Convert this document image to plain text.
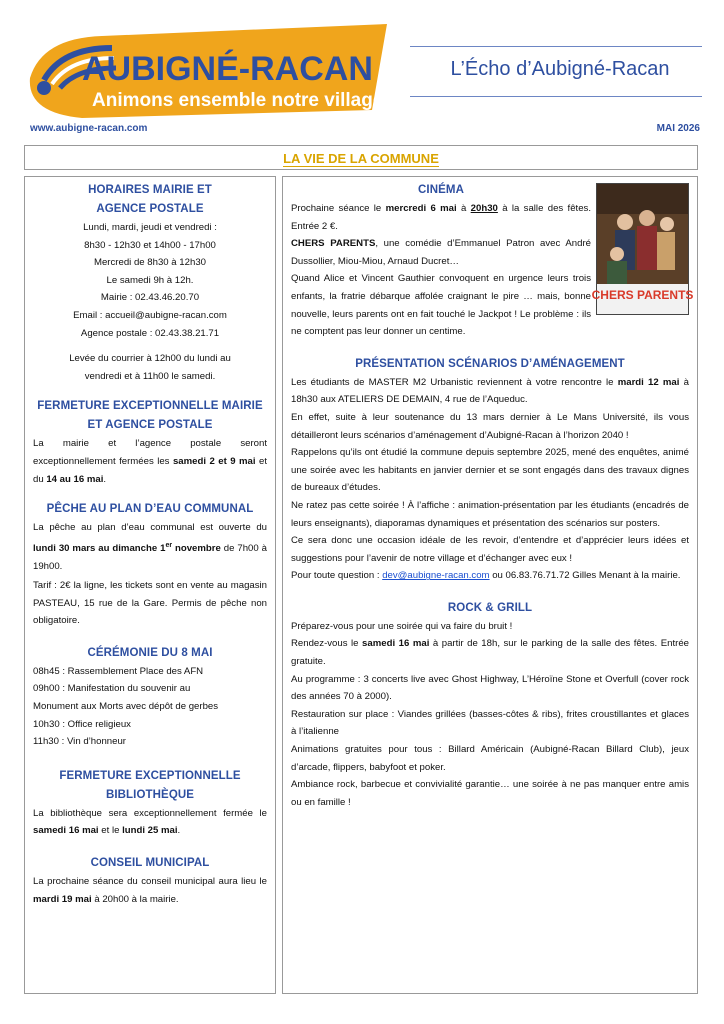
AUBIGNÉ-RACAN
Animons ensemble notre village
L’Écho d’Aubigné-Racan
www.aubigne-racan.com	MAI 2026
LA VIE DE LA COMMUNE
HORAIRES MAIRIE ET
AGENCE POSTALE
Lundi, mardi, jeudi et vendredi :
8h30 - 12h30 et 14h00 - 17h00
Mercredi de 8h30 à 12h30
Le samedi 9h à 12h.
Mairie : 02.43.46.20.70
Email : accueil@aubigne-racan.com
Agence postale : 02.43.38.21.71
Levée du courrier à 12h00 du lundi au
vendredi et à 11h00 le samedi.
FERMETURE EXCEPTIONNELLE MAIRIE
ET AGENCE POSTALE
La mairie et l’agence postale seront exceptionnellement fermées les samedi 2 et 9 mai et du 14 au 16 mai.
PÊCHE AU PLAN D’EAU COMMUNAL
La pêche au plan d’eau communal est ouverte du lundi 30 mars au dimanche 1er novembre de 7h00 à 19h00.
Tarif : 2€ la ligne, les tickets sont en vente au magasin PASTEAU, 15 rue de la Gare. Permis de pêche non obligatoire.
CÉRÉMONIE DU 8 MAI
08h45 : Rassemblement Place des AFN
09h00 : Manifestation du souvenir au
Monument aux Morts avec dépôt de gerbes
10h30 : Office religieux
11h30 : Vin d’honneur
FERMETURE EXCEPTIONNELLE
BIBLIOTHÈQUE
La bibliothèque sera exceptionnellement fermée le samedi 16 mai et le lundi 25 mai.
CONSEIL MUNICIPAL
La prochaine séance du conseil municipal aura lieu le mardi 19 mai à 20h00 à la mairie.
CHERS PARENTS
CINÉMA
Prochaine séance le mercredi 6 mai à 20h30 à la salle des fêtes. Entrée 2 €.
CHERS PARENTS, une comédie d’Emmanuel Patron avec André Dussollier, Miou-Miou, Arnaud Ducret…
Quand Alice et Vincent Gauthier convoquent en urgence leurs trois enfants, la fratrie débarque affolée craignant le pire … mais, bonne nouvelle, leurs parents ont en fait touché le Jackpot ! Le problème : ils ne comptent pas leur donner un centime.
PRÉSENTATION SCÉNARIOS D’AMÉNAGEMENT
Les étudiants de MASTER M2 Urbanistic reviennent à votre rencontre le mardi 12 mai à 18h30 aux ATELIERS DE DEMAIN, 4 rue de l’Aqueduc.
En effet, suite à leur soutenance du 13 mars dernier à Le Mans Université, ils vous détailleront leurs scénarios d’aménagement d’Aubigné-Racan à l’horizon 2040 !
Rappelons qu’ils ont étudié la commune depuis septembre 2025, mené des enquêtes, animé une soirée avec les habitants en janvier dernier et se sont engagés dans des travaux dignes de bureaux d’études.
Ne ratez pas cette soirée ! À l’affiche : animation-présentation par les étudiants (encadrés de leurs enseignants), diaporamas dynamiques et présentation des scénarios sur posters.
Ce sera donc une occasion idéale de les revoir, d’entendre et d’apprécier leurs idées et suggestions pour l’avenir de notre village et d’échanger avec eux !
Pour toute question : dev@aubigne-racan.com ou 06.83.76.71.72 Gilles Menant à la mairie.
ROCK & GRILL
Préparez-vous pour une soirée qui va faire du bruit !
Rendez-vous le samedi 16 mai à partir de 18h, sur le parking de la salle des fêtes. Entrée gratuite.
Au programme : 3 concerts live avec Ghost Highway, L’Héroïne Stone et Overfull (cover rock des années 70 à 2000).
Restauration sur place : Viandes grillées (basses-côtes & ribs), frites croustillantes et glaces à l’italienne
Animations gratuites pour tous : Billard Américain (Aubigné-Racan Billard Club), jeux d’arcade, flippers, babyfoot et poker.
Ambiance rock, barbecue et convivialité garantie… une soirée à ne pas manquer entre amis ou en famille !
